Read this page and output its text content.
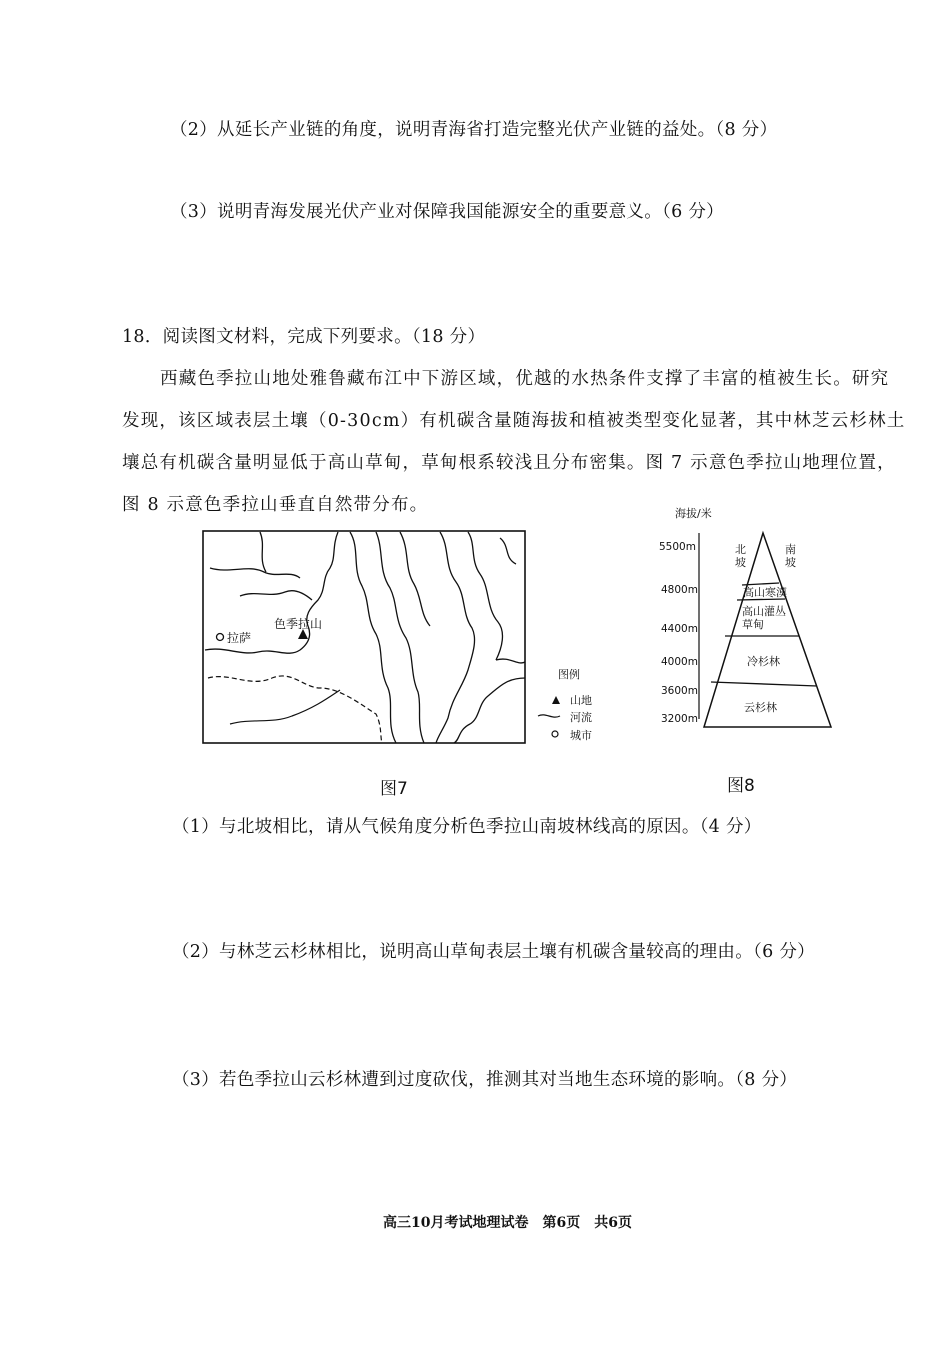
（2）从延长产业链的角度，说明青海省打造完整光伏产业链的益处。（8 分）
（3）说明青海发展光伏产业对保障我国能源安全的重要意义。（6 分）
18．阅读图文材料，完成下列要求。（18 分）
西藏色季拉山地处雅鲁藏布江中下游区域，优越的水热条件支撑了丰富的植被生长。研究
发现，该区域表层土壤（0-30cm）有机碳含量随海拔和植被类型变化显著，其中林芝云杉林土
壤总有机碳含量明显低于高山草甸，草甸根系较浅且分布密集。图 7 示意色季拉山地理位置，
图 8 示意色季拉山垂直自然带分布。
拉萨
色季拉山
图例
山地
河流
城市
图7
海拔/米
5500m
4800m
4400m
4000m
3600m
3200m
北
坡
南
坡
高山寒漠
高山灌丛
草甸
冷杉林
云杉林
图8
（1）与北坡相比，请从气候角度分析色季拉山南坡林线高的原因。（4 分）
（2）与林芝云杉林相比，说明高山草甸表层土壤有机碳含量较高的理由。（6 分）
（3）若色季拉山云杉林遭到过度砍伐，推测其对当地生态环境的影响。（8 分）
高三10月考试地理试卷　第6页　共6页
